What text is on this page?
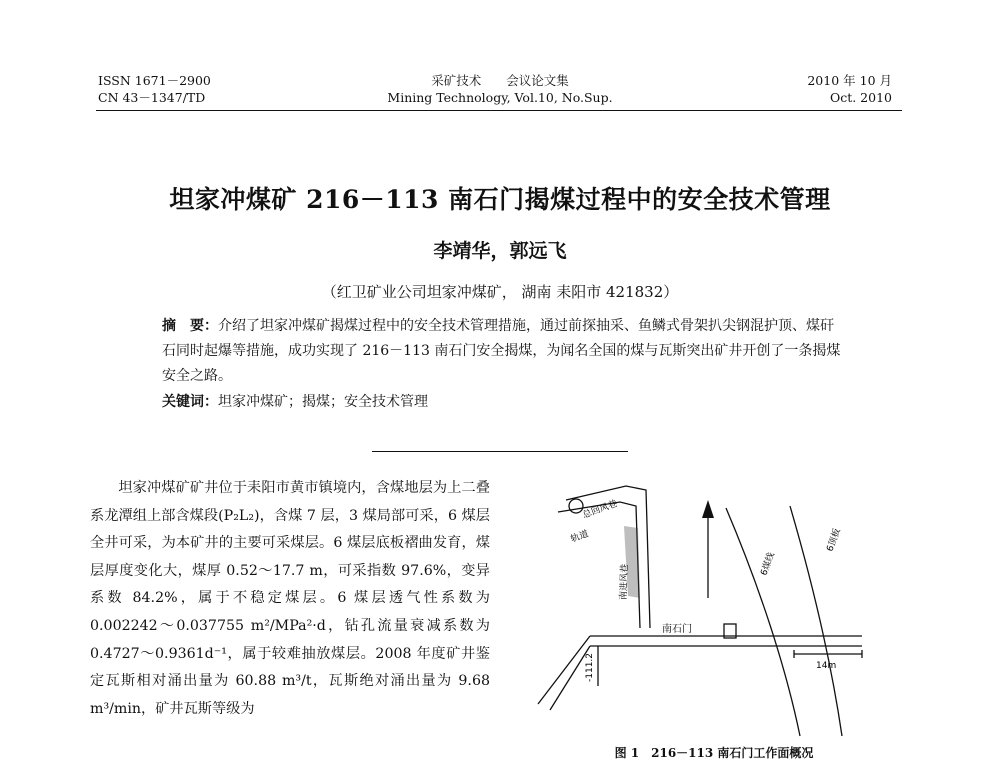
ISSN 1671－2900
CN 43－1347/TD
采矿技术　　会议论文集
Mining Technology, Vol.10, No.Sup.
2010 年 10 月
Oct. 2010
坦家冲煤矿 216－113 南石门揭煤过程中的安全技术管理
李靖华，郭远飞
（红卫矿业公司坦家冲煤矿， 湖南 耒阳市 421832）
摘　要：介绍了坦家冲煤矿揭煤过程中的安全技术管理措施，通过前探抽采、鱼鳞式骨架扒尖钢混护顶、煤矸石同时起爆等措施，成功实现了 216－113 南石门安全揭煤，为闻名全国的煤与瓦斯突出矿井开创了一条揭煤安全之路。
关键词：坦家冲煤矿；揭煤；安全技术管理

坦家冲煤矿矿井位于耒阳市黄市镇境内，含煤地层为上二叠系龙潭组上部含煤段(P₂L₂)，含煤 7 层，3 煤局部可采，6 煤层全井可采，为本矿井的主要可采煤层。6 煤层底板褶曲发育，煤层厚度变化大，煤厚 0.52～17.7 m，可采指数 97.6%，变异系数 84.2%，属于不稳定煤层。6 煤层透气性系数为 0.002242～0.037755 m²/MPa²·d，钻孔流量衰减系数为 0.4727～0.9361d⁻¹，属于较难抽放煤层。2008 年度矿井鉴定瓦斯相对涌出量为 60.88 m³/t，瓦斯绝对涌出量为 9.68 m³/min，矿井瓦斯等级为

总回风巷
轨道
南进风巷
南石门
6煤线
6顶板
-111.2	14m
图 1　216－113 南石门工作面概况
